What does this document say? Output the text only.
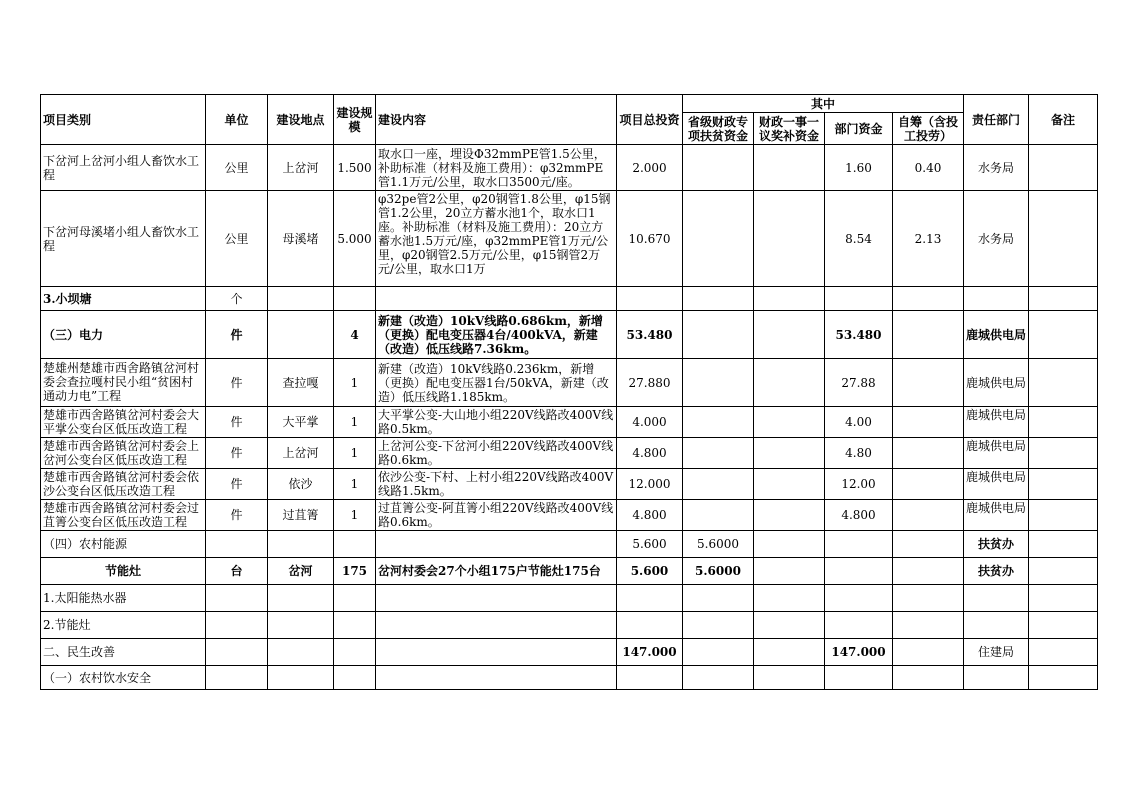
项目类别	单位	建设地点	建设规模	建设内容	项目总投资	其中				责任部门	备注
						省级财政专项扶贫资金	财政一事一议奖补资金	部门资金	自筹（含投工投劳）		
下岔河上岔河小组人畜饮水工程	公里	上岔河	1.500	取水口一座，埋设Φ32mmPE管1.5公里，补助标准（材料及施工费用）：φ32mmPE管1.1万元/公里，取水口3500元/座。	2.000			1.60	0.40	水务局	
下岔河母溪堵小组人畜饮水工程	公里	母溪堵	5.000	φ32pe管2公里，φ20钢管1.8公里，φ15钢管1.2公里，20立方蓄水池1个，取水口1座。补助标准（材料及施工费用）：20立方蓄水池1.5万元/座，φ32mmPE管1万元/公里，φ20钢管2.5万元/公里，φ15钢管2万元/公里，取水口1万	10.670			8.54	2.13	水务局	
3.小坝塘	个										
（三）电力	件		4	新建（改造）10kV线路0.686km，新增（更换）配电变压器4台/400kVA，新建（改造）低压线路7.36km。	53.480			53.480		鹿城供电局	

楚雄州楚雄市西舍路镇岔河村委会查拉嘎村民小组“贫困村通动力电”工程	件	查拉嘎	1	新建（改造）10kV线路0.236km，新增（更换）配电变压器1台/50kVA，新建（改造）低压线路1.185km。	27.880			27.88		鹿城供电局	

楚雄市西舍路镇岔河村委会大平掌公变台区低压改造工程	件	大平掌	1	大平掌公变-大山地小组220V线路改400V线路0.5km。	4.000			4.00		鹿城供电局	

楚雄市西舍路镇岔河村委会上岔河公变台区低压改造工程	件	上岔河	1	上岔河公变-下岔河小组220V线路改400V线路0.6km。	4.800			4.80		鹿城供电局	

楚雄市西舍路镇岔河村委会依沙公变台区低压改造工程	件	依沙	1	依沙公变-下村、上村小组220V线路改400V线路1.5km。	12.000			12.00		鹿城供电局	

楚雄市西舍路镇岔河村委会过苴箐公变台区低压改造工程	件	过苴箐	1	过苴箐公变-阿苴箐小组220V线路改400V线路0.6km。	4.800			4.800		鹿城供电局	

（四）农村能源					5.600	5.6000				扶贫办	
节能灶	台	岔河	175	岔河村委会27个小组175户节能灶175台	5.600	5.6000				扶贫办	
1.太阳能热水器											
2.节能灶											
二、民生改善					147.000			147.000		住建局	
（一）农村饮水安全											
